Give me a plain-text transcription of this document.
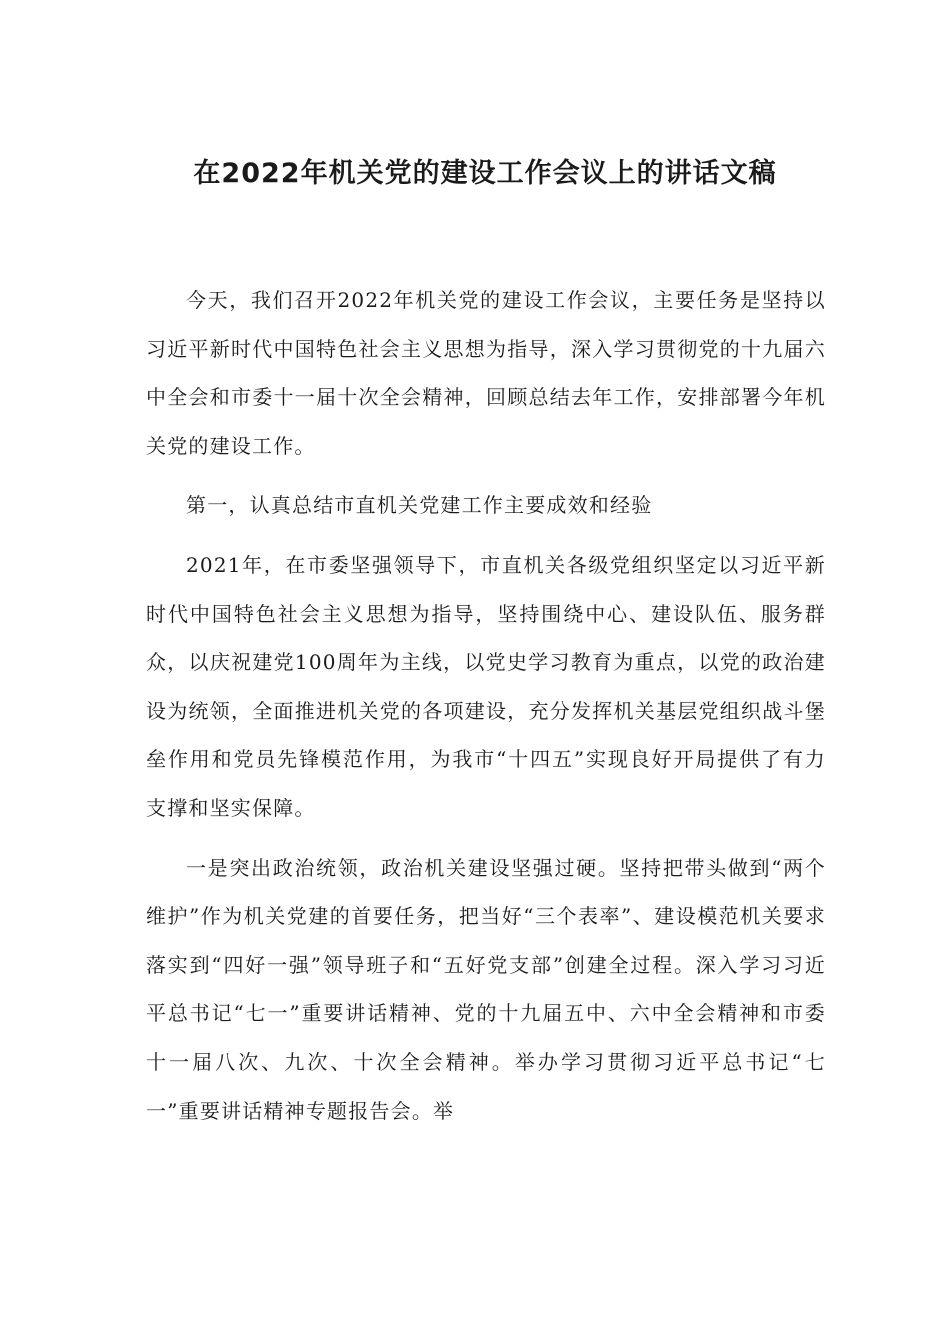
在2022年机关党的建设工作会议上的讲话文稿

今天，我们召开2022年机关党的建设工作会议，主要任务是坚持以习近平新时代中国特色社会主义思想为指导，深入学习贯彻党的十九届六中全会和市委十一届十次全会精神，回顾总结去年工作，安排部署今年机关党的建设工作。

第一，认真总结市直机关党建工作主要成效和经验

2021年，在市委坚强领导下，市直机关各级党组织坚定以习近平新时代中国特色社会主义思想为指导，坚持围绕中心、建设队伍、服务群众，以庆祝建党100周年为主线，以党史学习教育为重点，以党的政治建设为统领，全面推进机关党的各项建设，充分发挥机关基层党组织战斗堡垒作用和党员先锋模范作用，为我市“十四五”实现良好开局提供了有力支撑和坚实保障。

一是突出政治统领，政治机关建设坚强过硬。坚持把带头做到“两个维护”作为机关党建的首要任务，把当好“三个表率”、建设模范机关要求落实到“四好一强”领导班子和“五好党支部”创建全过程。深入学习习近平总书记“七一”重要讲话精神、党的十九届五中、六中全会精神和市委十一届八次、九次、十次全会精神。举办学习贯彻习近平总书记“七一”重要讲话精神专题报告会。举
